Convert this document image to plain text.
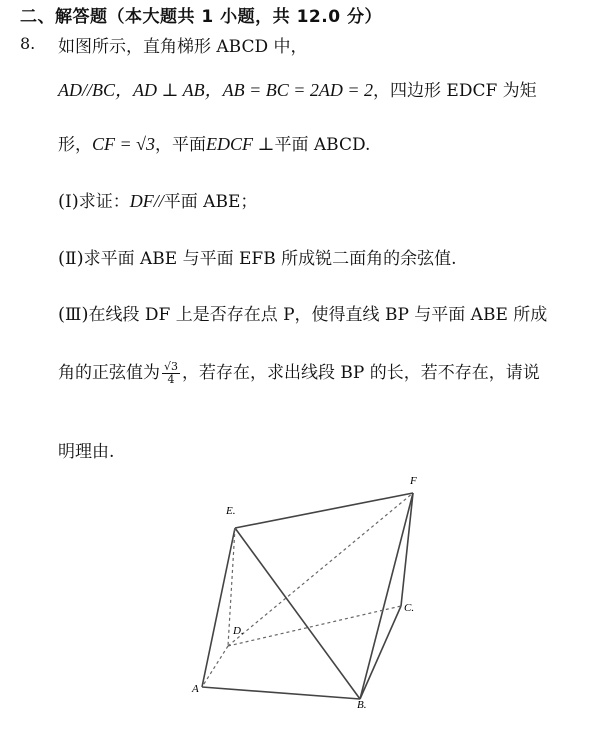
二、解答题（本大题共 1 小题，共 12.0 分）
8. 如图所示，直角梯形 ABCD 中，
AD//BC，AD ⊥ AB，AB = BC = 2AD = 2，四边形 EDCF 为矩
形，CF = √3，平面EDCF ⊥平面 ABCD.
(Ⅰ)求证：DF//平面 ABE；
(Ⅱ)求平面 ABE 与平面 EFB 所成锐二面角的余弦值.
(Ⅲ)在线段 DF 上是否存在点 P，使得直线 BP 与平面 ABE 所成
角的正弦值为 $\frac{√3}{4}$ ，若存在，求出线段 BP 的长，若不存在，请说
明理由.
E.
F
D.
C.
A
B.
